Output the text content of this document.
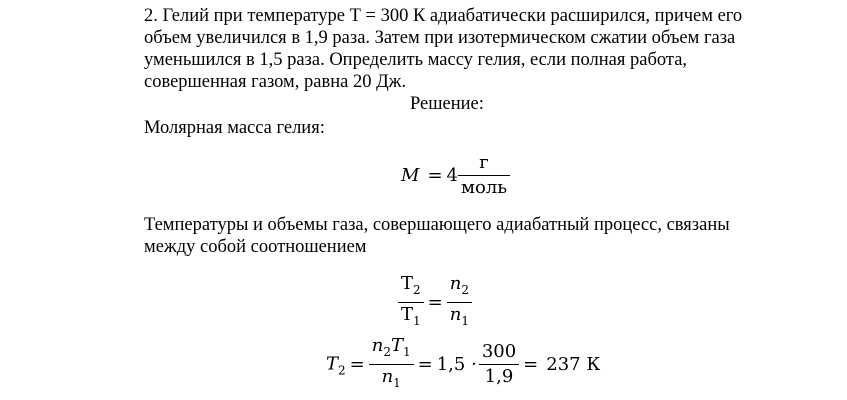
2. Гелий при температуре Т = 300 К адиабатически расширился, причем его

объем увеличился в 1,9 раза. Затем при изотермическом сжатии объем газа

уменьшился в 1,5 раза. Определить массу гелия, если полная работа,

совершенная газом, равна 20 Дж.

Решение:
Молярная масса гелия:
$M = 4 \frac{г}{\text{моль}}$
Температуры и объемы газа, совершающего адиабатный процесс, связаны
между собой соотношением
$\frac{T_2}{T_1} = \frac{n_2}{n_1}$
$T_2 = \frac{n_2T_1}{n_1} = 1,5 \cdot \frac{300}{1,9} = 237$ К
